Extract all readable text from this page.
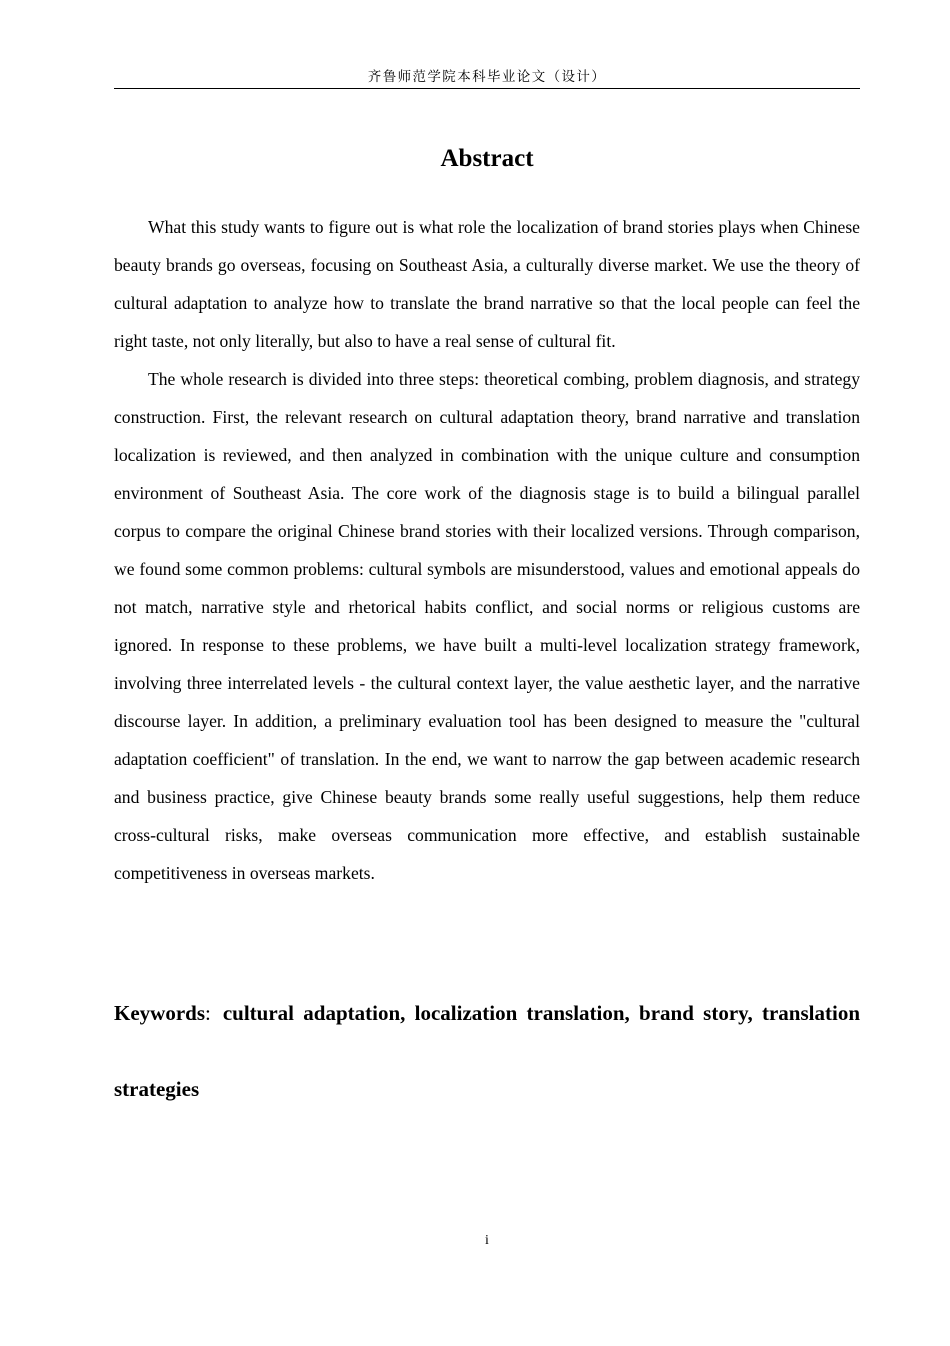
齐鲁师范学院本科毕业论文（设计）
Abstract

What this study wants to figure out is what role the localization of brand stories plays when Chinese beauty brands go overseas, focusing on Southeast Asia, a culturally diverse market. We use the theory of cultural adaptation to analyze how to translate the brand narrative so that the local people can feel the right taste, not only literally, but also to have a real sense of cultural fit.

The whole research is divided into three steps: theoretical combing, problem diagnosis, and strategy construction. First, the relevant research on cultural adaptation theory, brand narrative and translation localization is reviewed, and then analyzed in combination with the unique culture and consumption environment of Southeast Asia. The core work of the diagnosis stage is to build a bilingual parallel corpus to compare the original Chinese brand stories with their localized versions. Through comparison, we found some common problems: cultural symbols are misunderstood, values and emotional appeals do not match, narrative style and rhetorical habits conflict, and social norms or religious customs are ignored. In response to these problems, we have built a multi-level localization strategy framework, involving three interrelated levels - the cultural context layer, the value aesthetic layer, and the narrative discourse layer. In addition, a preliminary evaluation tool has been designed to measure the "cultural adaptation coefficient" of translation. In the end, we want to narrow the gap between academic research and business practice, give Chinese beauty brands some really useful suggestions, help them reduce cross-cultural risks, make overseas communication more effective, and establish sustainable competitiveness in overseas markets.

Keywords: cultural adaptation, localization translation, brand story, translation strategies

i
